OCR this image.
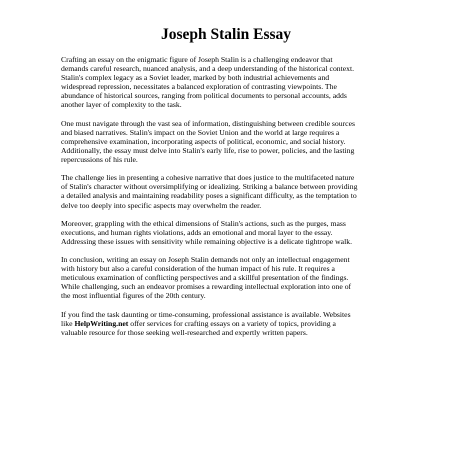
Joseph Stalin Essay

Crafting an essay on the enigmatic figure of Joseph Stalin is a challenging endeavor that
demands careful research, nuanced analysis, and a deep understanding of the historical context.
Stalin's complex legacy as a Soviet leader, marked by both industrial achievements and
widespread repression, necessitates a balanced exploration of contrasting viewpoints. The
abundance of historical sources, ranging from political documents to personal accounts, adds
another layer of complexity to the task.

One must navigate through the vast sea of information, distinguishing between credible sources
and biased narratives. Stalin's impact on the Soviet Union and the world at large requires a
comprehensive examination, incorporating aspects of political, economic, and social history.
Additionally, the essay must delve into Stalin's early life, rise to power, policies, and the lasting
repercussions of his rule.

The challenge lies in presenting a cohesive narrative that does justice to the multifaceted nature
of Stalin's character without oversimplifying or idealizing. Striking a balance between providing
a detailed analysis and maintaining readability poses a significant difficulty, as the temptation to
delve too deeply into specific aspects may overwhelm the reader.

Moreover, grappling with the ethical dimensions of Stalin's actions, such as the purges, mass
executions, and human rights violations, adds an emotional and moral layer to the essay.
Addressing these issues with sensitivity while remaining objective is a delicate tightrope walk.

In conclusion, writing an essay on Joseph Stalin demands not only an intellectual engagement
with history but also a careful consideration of the human impact of his rule. It requires a
meticulous examination of conflicting perspectives and a skillful presentation of the findings.
While challenging, such an endeavor promises a rewarding intellectual exploration into one of
the most influential figures of the 20th century.

If you find the task daunting or time-consuming, professional assistance is available. Websites
like HelpWriting.net offer services for crafting essays on a variety of topics, providing a
valuable resource for those seeking well-researched and expertly written papers.
